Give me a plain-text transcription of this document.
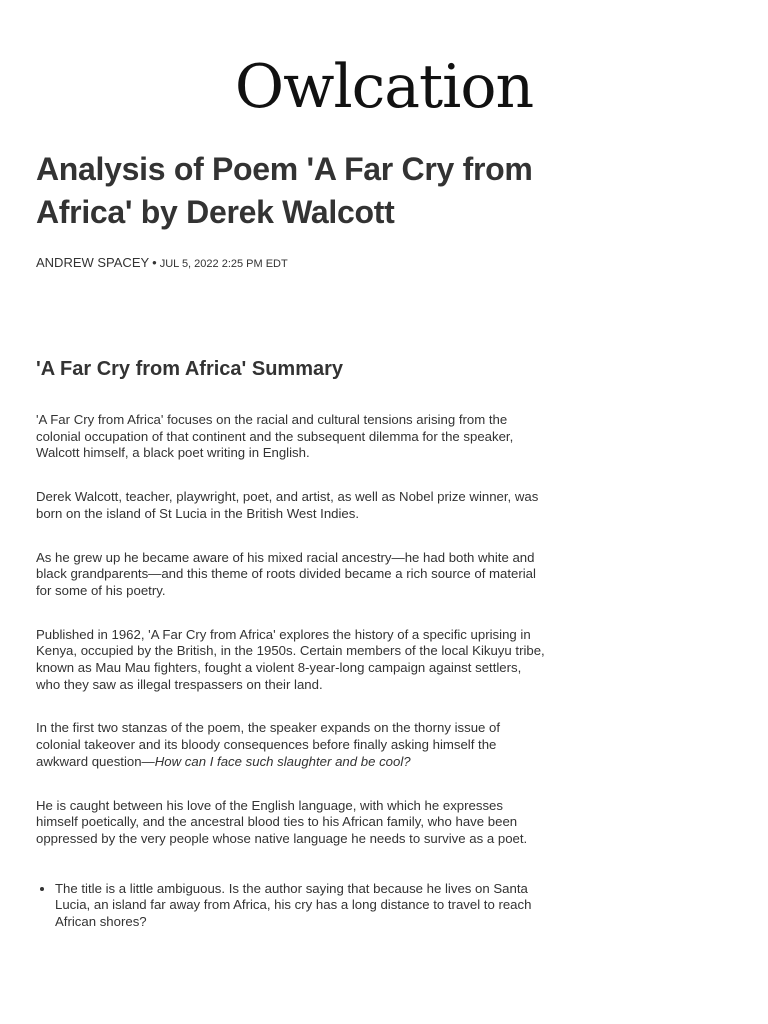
Owlcation
Analysis of Poem 'A Far Cry from Africa' by Derek Walcott
ANDREW SPACEY • JUL 5, 2022 2:25 PM EDT
'A Far Cry from Africa' Summary

'A Far Cry from Africa' focuses on the racial and cultural tensions arising from the colonial occupation of that continent and the subsequent dilemma for the speaker, Walcott himself, a black poet writing in English.

Derek Walcott, teacher, playwright, poet, and artist, as well as Nobel prize winner, was born on the island of St Lucia in the British West Indies.

As he grew up he became aware of his mixed racial ancestry—he had both white and black grandparents—and this theme of roots divided became a rich source of material for some of his poetry.

Published in 1962, 'A Far Cry from Africa' explores the history of a specific uprising in Kenya, occupied by the British, in the 1950s. Certain members of the local Kikuyu tribe, known as Mau Mau fighters, fought a violent 8-year-long campaign against settlers, who they saw as illegal trespassers on their land.

In the first two stanzas of the poem, the speaker expands on the thorny issue of colonial takeover and its bloody consequences before finally asking himself the awkward question—How can I face such slaughter and be cool?

He is caught between his love of the English language, with which he expresses himself poetically, and the ancestral blood ties to his African family, who have been oppressed by the very people whose native language he needs to survive as a poet.

• The title is a little ambiguous. Is the author saying that because he lives on Santa Lucia, an island far away from Africa, his cry has a long distance to travel to reach African shores?
